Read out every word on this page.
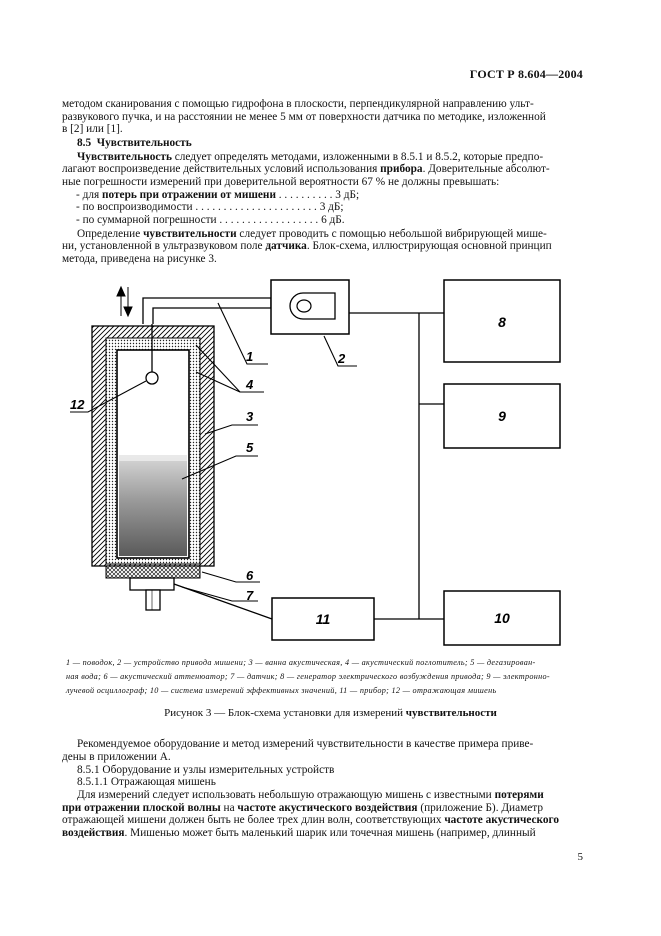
ГОСТ Р 8.604—2004

методом сканирования с помощью гидрофона в плоскости, перпендикулярной направлению ульт-

развукового пучка, и на расстоянии не менее 5 мм от поверхности датчика по методике, изложенной

в [2] или [1].

8.5 Чувствительность

Чувствительность следует определять методами, изложенными в 8.5.1 и 8.5.2, которые предпо-

лагают воспроизведение действительных условий использования прибора. Доверительные абсолют-

ные погрешности измерений при доверительной вероятности 67 % не должны превышать:

- для потерь при отражении от мишени . . . . . . . . . . 3 дБ;

- по воспроизводимости . . . . . . . . . . . . . . . . . . . . . . 3 дБ;

- по суммарной погрешности . . . . . . . . . . . . . . . . . . 6 дБ.

Определение чувствительности следует проводить с помощью небольшой вибрирующей мише-

ни, установленной в ультразвуковом поле датчика. Блок-схема, иллюстрирующая основной принцип

метода, приведена на рисунке 3.

1	2
3
4
5
6
7
12
8
9
10
11

1 — поводок, 2 — устройство привода мишени; 3 — ванна акустическая, 4 — акустический поглотитель; 5 — дегазирован-

ная вода; 6 — акустический аттенюатор; 7 — датчик; 8 — генератор электрического возбуждения привода; 9 — электронно-

лучевой осциллограф; 10 — система измерений эффективных значений, 11 — прибор; 12 — отражающая мишень

Рисунок 3 — Блок-схема установки для измерений чувствительности

Рекомендуемое оборудование и метод измерений чувствительности в качестве примера приве-

дены в приложении А.

8.5.1 Оборудование и узлы измерительных устройств

8.5.1.1 Отражающая мишень

Для измерений следует использовать небольшую отражающую мишень с известными потерями

при отражении плоской волны на частоте акустического воздействия (приложение Б). Диаметр

отражающей мишени должен быть не более трех длин волн, соответствующих частоте акустического

воздействия. Мишенью может быть маленький шарик или точечная мишень (например, длинный

5
